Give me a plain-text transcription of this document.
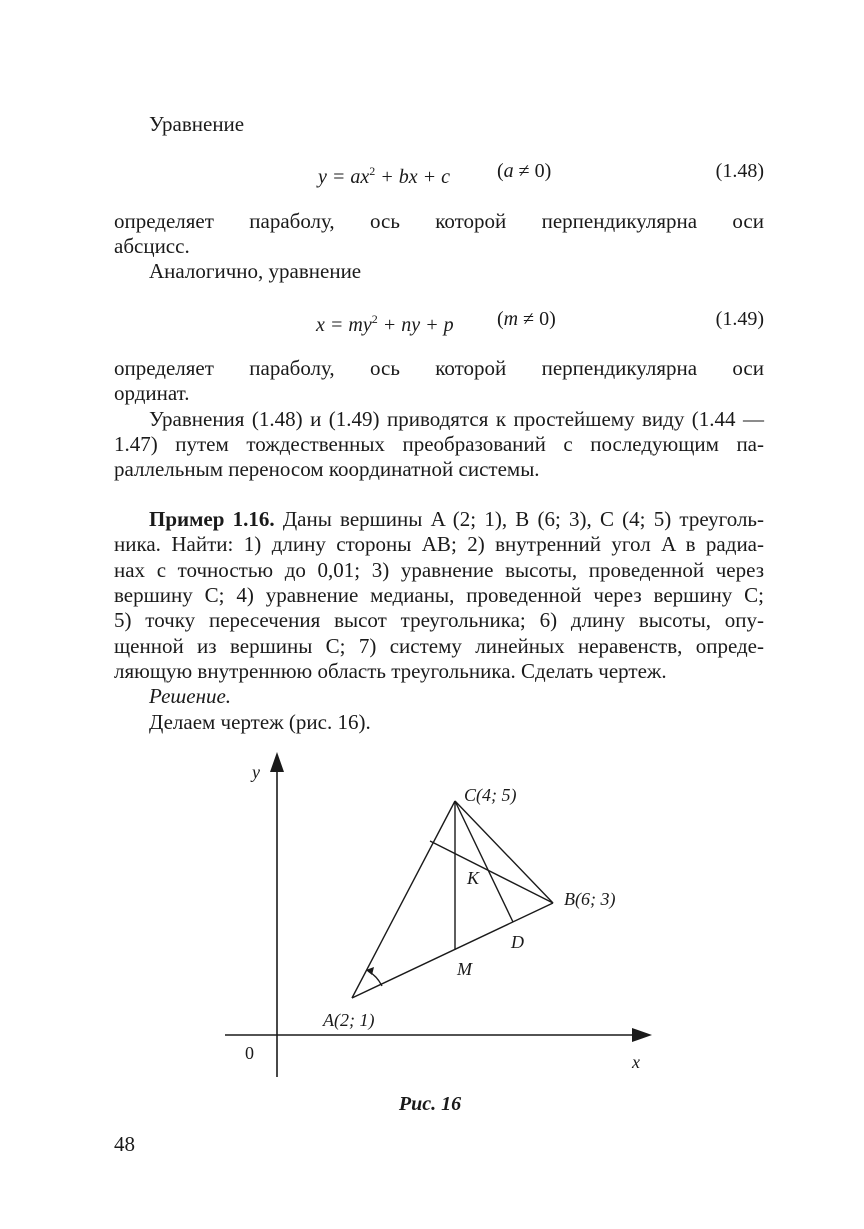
Уравнение
$y = ax^2$ + bx + c (a ≠ 0)	(1.48)
определяет параболу, ось которой перпендикулярна оси
абсцисс.
Аналогично, уравнение
$x = my^2$ + ny + p (m ≠ 0)	(1.49)
определяет параболу, ось которой перпендикулярна оси
ординат.
Уравнения (1.48) и (1.49) приводятся к простейшему виду (1.44 —
1.47) путем тождественных преобразований с последующим па-
раллельным переносом координатной системы.
Пример 1.16. Даны вершины A (2; 1), B (6; 3), C (4; 5) треуголь-
ника. Найти: 1) длину стороны AB; 2) внутренний угол A в радиа-
нах с точностью до 0,01; 3) уравнение высоты, проведенной через
вершину C; 4) уравнение медианы, проведенной через вершину C;
5) точку пересечения высот треугольника; 6) длину высоты, опу-
щенной из вершины C; 7) систему линейных неравенств, опреде-
ляющую внутреннюю область треугольника. Сделать чертеж.
Решение.
Делаем чертеж (рис. 16).
y
x
0
C(4; 5)
B(6; 3)
A(2; 1)
K
D
M
Рис. 16
48
